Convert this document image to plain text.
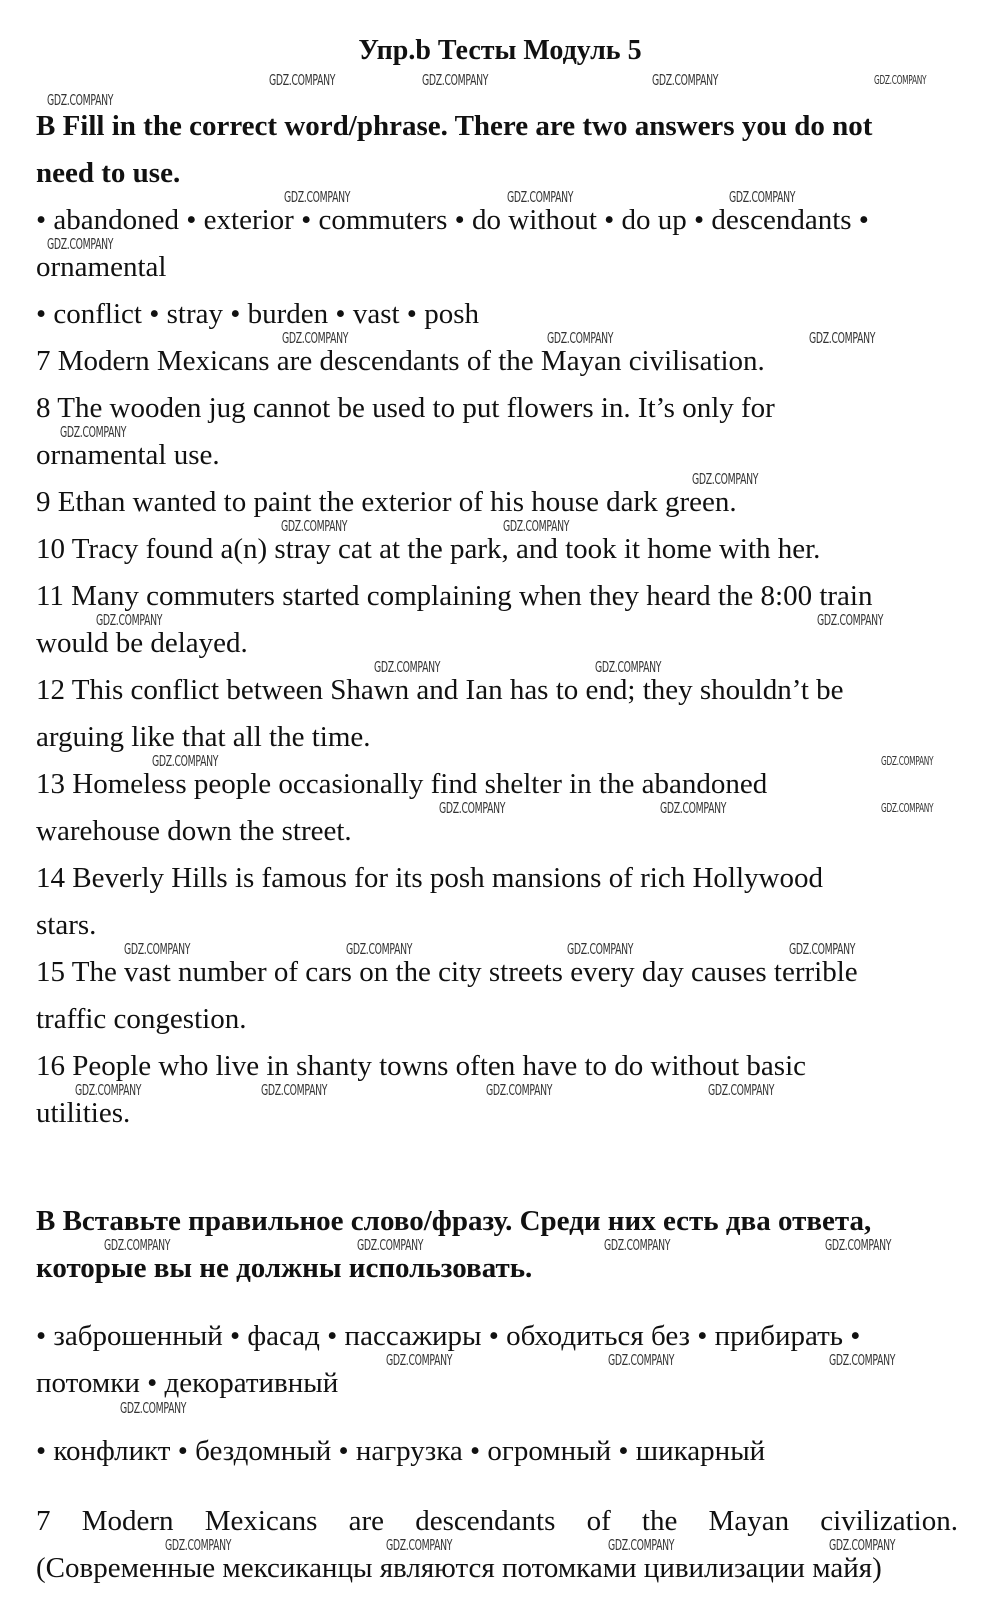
Упр.b Тесты Модуль 5
B Fill in the correct word/phrase. There are two answers you do not
need to use.
• abandoned • exterior • commuters • do without • do up • descendants •
ornamental
• conflict • stray • burden • vast • posh
7 Modern Mexicans are descendants of the Mayan civilisation.
8 The wooden jug cannot be used to put flowers in. It’s only for
ornamental use.
9 Ethan wanted to paint the exterior of his house dark green.
10 Tracy found a(n) stray cat at the park, and took it home with her.
11 Many commuters started complaining when they heard the 8:00 train
would be delayed.
12 This conflict between Shawn and Ian has to end; they shouldn’t be
arguing like that all the time.
13 Homeless people occasionally find shelter in the abandoned
warehouse down the street.
14 Beverly Hills is famous for its posh mansions of rich Hollywood
stars.
15 The vast number of cars on the city streets every day causes terrible
traffic congestion.
16 People who live in shanty towns often have to do without basic
utilities.
B Вставьте правильное слово/фразу. Среди них есть два ответа,
которые вы не должны использовать.
• заброшенный • фасад • пассажиры • обходиться без • прибирать •
потомки • декоративный
• конфликт • бездомный • нагрузка • огромный • шикарный
7 Modern Mexicans are descendants of the Mayan civilization.
(Современные мексиканцы являются потомками цивилизации майя)
GDZ.COMPANY	GDZ.COMPANY	GDZ.COMPANY	GDZ.COMPANY
GDZ.COMPANY
GDZ.COMPANY	GDZ.COMPANY	GDZ.COMPANY
GDZ.COMPANY
GDZ.COMPANY	GDZ.COMPANY	GDZ.COMPANY
GDZ.COMPANY
GDZ.COMPANY
GDZ.COMPANY	GDZ.COMPANY
GDZ.COMPANY	GDZ.COMPANY
GDZ.COMPANY	GDZ.COMPANY
GDZ.COMPANY	GDZ.COMPANY
GDZ.COMPANY	GDZ.COMPANY	GDZ.COMPANY
GDZ.COMPANY	GDZ.COMPANY	GDZ.COMPANY	GDZ.COMPANY
GDZ.COMPANY	GDZ.COMPANY	GDZ.COMPANY	GDZ.COMPANY
GDZ.COMPANY	GDZ.COMPANY	GDZ.COMPANY	GDZ.COMPANY
GDZ.COMPANY	GDZ.COMPANY	GDZ.COMPANY
GDZ.COMPANY
GDZ.COMPANY	GDZ.COMPANY	GDZ.COMPANY	GDZ.COMPANY
